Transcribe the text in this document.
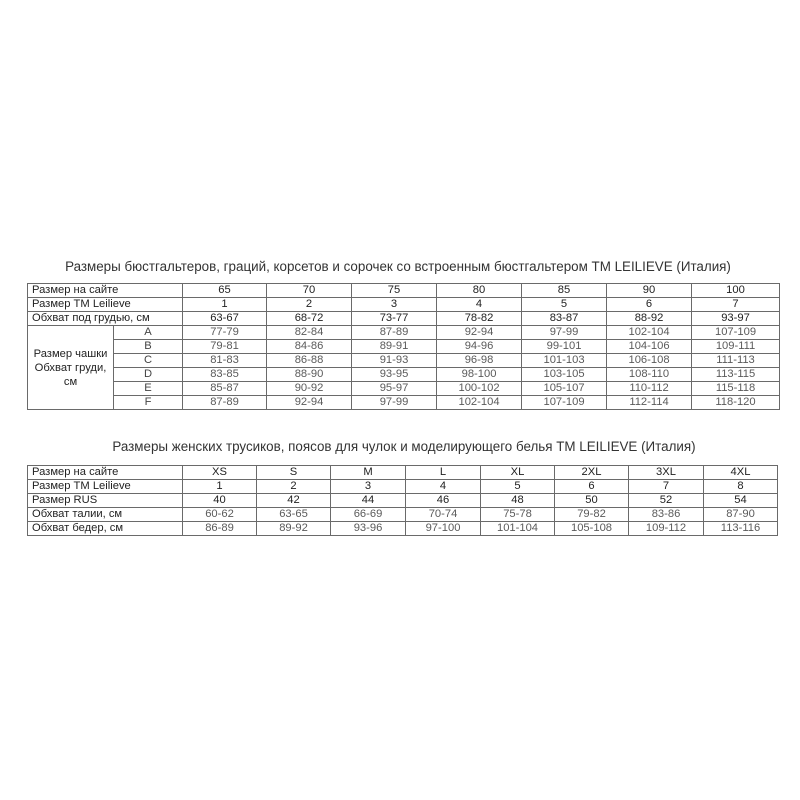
Размеры бюстгальтеров, граций, корсетов и сорочек со встроенным бюстгальтером TM LEILIEVE (Италия)
Размер на сайте		65	70	75	80	85	90	100
Размер TM Leilieve		1	2	3	4	5	6	7
Обхват под грудью, см		63-67	68-72	73-77	78-82	83-87	88-92	93-97
Размер чашки Обхват груди, см	A	77-79	82-84	87-89	92-94	97-99	102-104	107-109
	B	79-81	84-86	89-91	94-96	99-101	104-106	109-111
	C	81-83	86-88	91-93	96-98	101-103	106-108	111-113
	D	83-85	88-90	93-95	98-100	103-105	108-110	113-115
	E	85-87	90-92	95-97	100-102	105-107	110-112	115-118
	F	87-89	92-94	97-99	102-104	107-109	112-114	118-120
Размеры женских трусиков, поясов для чулок и моделирующего белья TM LEILIEVE (Италия)
Размер на сайте	XS	S	M	L	XL	2XL	3XL	4XL
Размер TM Leilieve	1	2	3	4	5	6	7	8
Размер RUS	40	42	44	46	48	50	52	54
Обхват талии, см	60-62	63-65	66-69	70-74	75-78	79-82	83-86	87-90
Обхват бедер, см	86-89	89-92	93-96	97-100	101-104	105-108	109-112	113-116
